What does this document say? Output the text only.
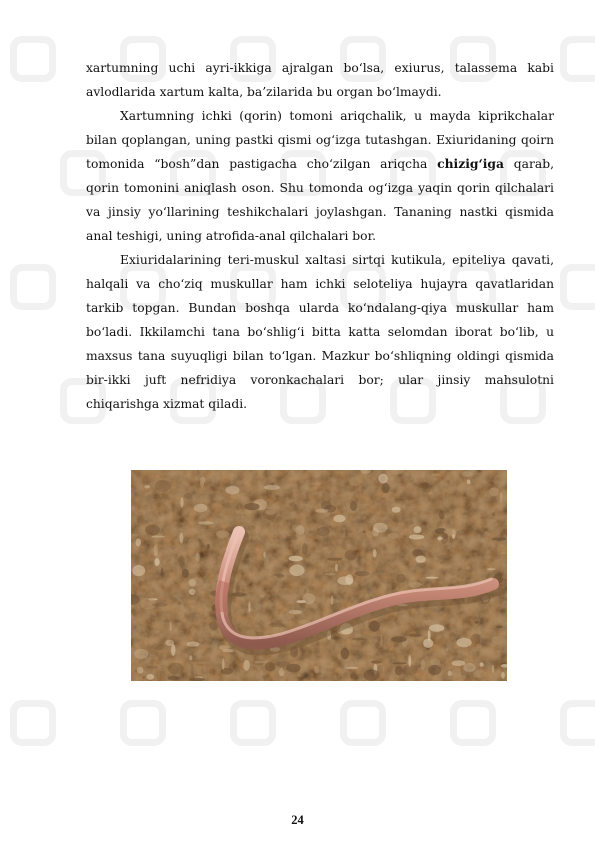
xartumning uchi ayri-ikkiga ajralgan bo‘lsa, exiurus, talassema kabi avlodlarida xartum kalta, ba’zilarida bu organ bo‘lmaydi.

Xartumning ichki (qorin) tomoni ariqchalik, u mayda kiprikchalar bilan qoplangan, uning pastki qismi og‘izga tutashgan. Exiuridaning qoirn tomonida “bosh”dan pastigacha cho‘zilgan ariqcha chizig‘iga qarab, qorin tomonini aniqlash oson. Shu tomonda og‘izga yaqin qorin qilchalari va jinsiy yo‘llarining teshikchalari joylashgan. Tananing nastki qismida anal teshigi, uning atrofida-anal qilchalari bor.

Exiuridalarining teri-muskul xaltasi sirtqi kutikula, epiteliya qavati, halqali va cho‘ziq muskullar ham ichki seloteliya hujayra qavatlaridan tarkib topgan. Bundan boshqa ularda ko‘ndalang-qiya muskullar ham bo‘ladi. Ikkilamchi tana bo‘shlig‘i bitta katta selomdan iborat bo‘lib, u maxsus tana suyuqligi bilan to‘lgan. Mazkur bo‘shliqning oldingi qismida bir-ikki juft nefridiya voronkachalari bor; ular jinsiy mahsulotni chiqarishga xizmat qiladi.

24
